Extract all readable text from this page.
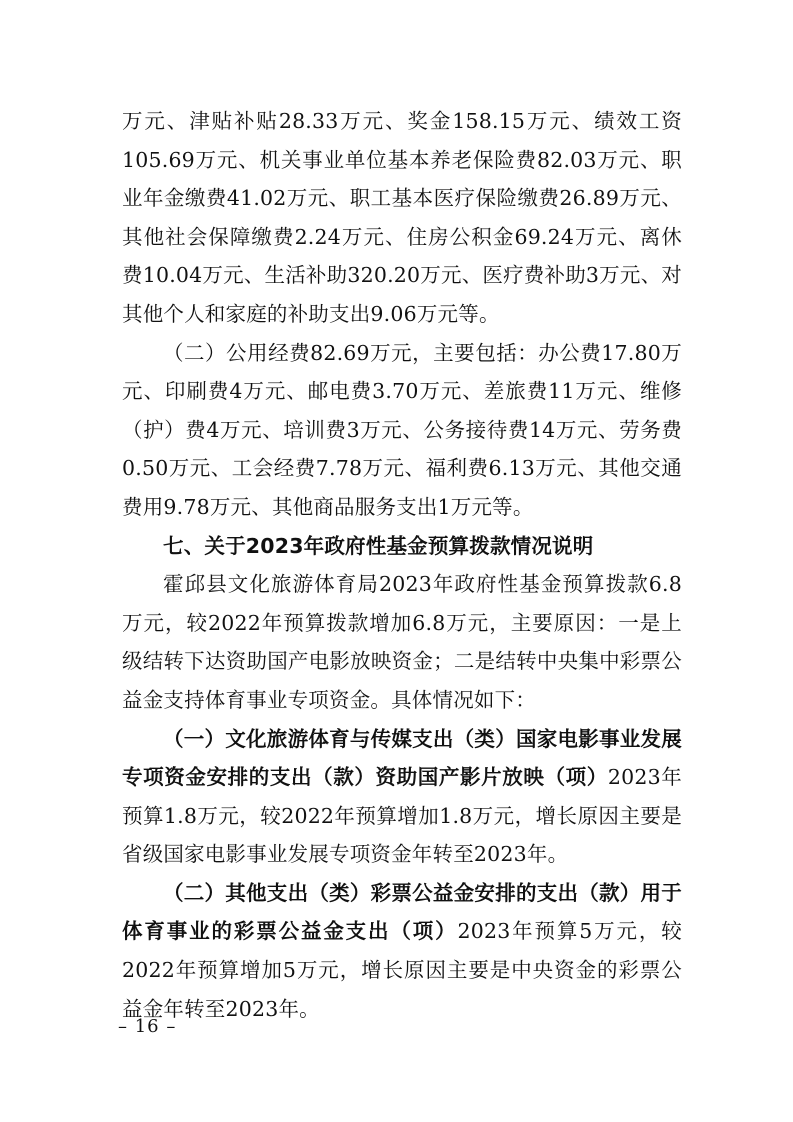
万元、津贴补贴28.33万元、奖金158.15万元、绩效工资105.69万元、机关事业单位基本养老保险费82.03万元、职业年金缴费41.02万元、职工基本医疗保险缴费26.89万元、其他社会保障缴费2.24万元、住房公积金69.24万元、离休费10.04万元、生活补助320.20万元、医疗费补助3万元、对其他个人和家庭的补助支出9.06万元等。

（二）公用经费82.69万元，主要包括：办公费17.80万元、印刷费4万元、邮电费3.70万元、差旅费11万元、维修（护）费4万元、培训费3万元、公务接待费14万元、劳务费0.50万元、工会经费7.78万元、福利费6.13万元、其他交通费用9.78万元、其他商品服务支出1万元等。

七、关于2023年政府性基金预算拨款情况说明

霍邱县文化旅游体育局2023年政府性基金预算拨款6.8万元，较2022年预算拨款增加6.8万元，主要原因：一是上级结转下达资助国产电影放映资金；二是结转中央集中彩票公益金支持体育事业专项资金。具体情况如下：

（一）文化旅游体育与传媒支出（类）国家电影事业发展专项资金安排的支出（款）资助国产影片放映（项）2023年预算1.8万元，较2022年预算增加1.8万元，增长原因主要是省级国家电影事业发展专项资金年转至2023年。

（二）其他支出（类）彩票公益金安排的支出（款）用于体育事业的彩票公益金支出（项）2023年预算5万元，较2022年预算增加5万元，增长原因主要是中央资金的彩票公益金年转至2023年。

– 16 –
